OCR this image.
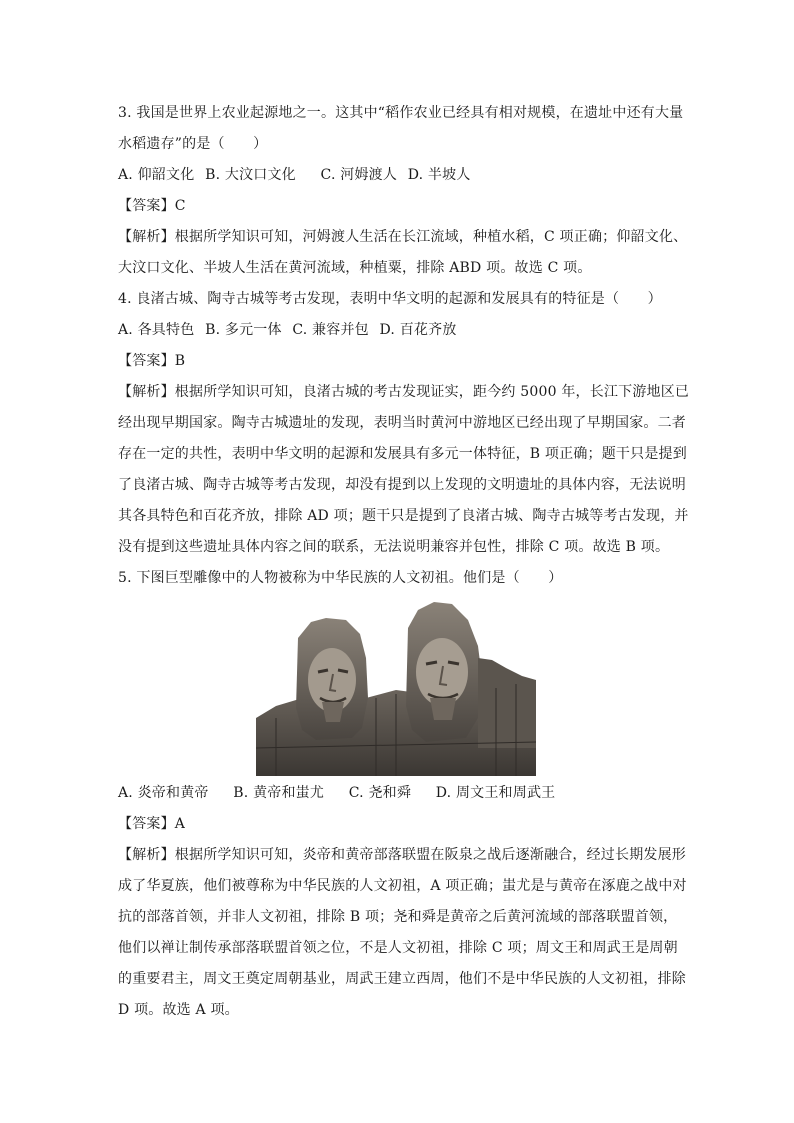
3. 我国是世界上农业起源地之一。这其中“稻作农业已经具有相对规模，在遗址中还有大量
水稻遗存”的是（　　）
A. 仰韶文化 B. 大汶口文化 C. 河姆渡人 D. 半坡人
【答案】C
【解析】根据所学知识可知，河姆渡人生活在长江流域，种植水稻，C 项正确；仰韶文化、
大汶口文化、半坡人生活在黄河流域，种植粟，排除 ABD 项。故选 C 项。
4. 良渚古城、陶寺古城等考古发现，表明中华文明的起源和发展具有的特征是（　　）
A. 各具特色 B. 多元一体 C. 兼容并包 D. 百花齐放
【答案】B
【解析】根据所学知识可知，良渚古城的考古发现证实，距今约 5000 年，长江下游地区已
经出现早期国家。陶寺古城遗址的发现，表明当时黄河中游地区已经出现了早期国家。二者
存在一定的共性，表明中华文明的起源和发展具有多元一体特征，B 项正确；题干只是提到
了良渚古城、陶寺古城等考古发现，却没有提到以上发现的文明遗址的具体内容，无法说明
其各具特色和百花齐放，排除 AD 项；题干只是提到了良渚古城、陶寺古城等考古发现，并
没有提到这些遗址具体内容之间的联系，无法说明兼容并包性，排除 C 项。故选 B 项。
5. 下图巨型雕像中的人物被称为中华民族的人文初祖。他们是（　　）
A. 炎帝和黄帝 B. 黄帝和蚩尤 C. 尧和舜 D. 周文王和周武王
【答案】A
【解析】根据所学知识可知，炎帝和黄帝部落联盟在阪泉之战后逐渐融合，经过长期发展形
成了华夏族，他们被尊称为中华民族的人文初祖，A 项正确；蚩尤是与黄帝在涿鹿之战中对
抗的部落首领，并非人文初祖，排除 B 项；尧和舜是黄帝之后黄河流域的部落联盟首领，
他们以禅让制传承部落联盟首领之位，不是人文初祖，排除 C 项；周文王和周武王是周朝
的重要君主，周文王奠定周朝基业，周武王建立西周，他们不是中华民族的人文初祖，排除
D 项。故选 A 项。
